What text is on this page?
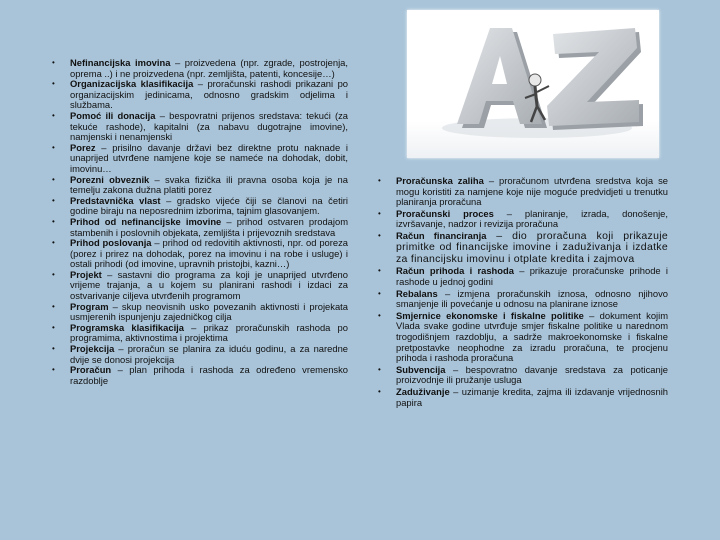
• Nefinancijska imovina – proizvedena (npr. zgrade, postrojenja, oprema ..) i ne proizvedena (npr. zemljišta, patenti, koncesije…)
• Organizacijska klasifikacija – proračunski rashodi prikazani po organizacijskim jedinicama, odnosno gradskim odjelima i službama.
• Pomoć ili donacija – bespovratni prijenos sredstava: tekući (za tekuće rashode), kapitalni (za nabavu dugotrajne imovine), namjenski i nenamjenski
• Porez – prisilno davanje državi bez direktne protu naknade i unaprijed utvrđene namjene koje se nameće na dohodak, dobit, imovinu…
• Porezni obveznik – svaka fizička ili pravna osoba koja je na temelju zakona dužna platiti porez
• Predstavnička vlast – gradsko vijeće čiji se članovi na četiri godine biraju na neposrednim izborima, tajnim glasovanjem.
• Prihod od nefinancijske imovine – prihod ostvaren prodajom stambenih i poslovnih objekata, zemljišta i prijevoznih sredstava
• Prihod poslovanja – prihod od redovitih aktivnosti, npr. od poreza (porez i prirez na dohodak, porez na imovinu i na robe i usluge) i ostali prihodi (od imovine, upravnih pristojbi, kazni…)
• Projekt – sastavni dio programa za koji je unaprijed utvrđeno vrijeme trajanja, a u kojem su planirani rashodi i izdaci za ostvarivanje ciljeva utvrđenih programom
• Program – skup neovisnih usko povezanih aktivnosti i projekata usmjerenih ispunjenju zajedničkog cilja
• Programska klasifikacija – prikaz proračunskih rashoda po programima, aktivnostima i projektima
• Projekcija – proračun se planira za iduću godinu, a za naredne dvije se donosi projekcija
• Proračun – plan prihoda i rashoda za određeno vremensko razdoblje
• Proračunska zaliha – proračunom utvrđena sredstva koja se mogu koristiti za namjene koje nije moguće predvidjeti u trenutku planiranja proračuna
• Proračunski proces – planiranje, izrada, donošenje, izvršavanje, nadzor i revizija proračuna
• Račun financiranja – dio proračuna koji prikazuje primitke od financijske imovine i zaduživanja i izdatke za financijsku imovinu i otplate kredita i zajmova
• Račun prihoda i rashoda – prikazuje proračunske prihode i rashode u jednoj godini
• Rebalans – izmjena proračunskih iznosa, odnosno njihovo smanjenje ili povećanje u odnosu na planirane iznose
• Smjernice ekonomske i fiskalne politike – dokument kojim Vlada svake godine utvrđuje smjer fiskalne politike u narednom trogodišnjem razdoblju, a sadrže makroekonomske i fiskalne pretpostavke neophodne za izradu proračuna, te procjenu prihoda i rashoda proračuna
• Subvencija – bespovratno davanje sredstava za poticanje proizvodnje ili pružanje usluga
• Zaduživanje – uzimanje kredita, zajma ili izdavanje vrijednosnih papira
